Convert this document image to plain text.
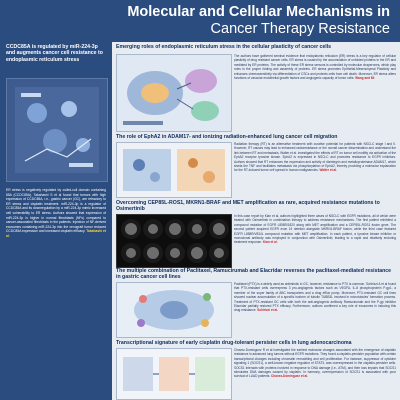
Molecular and Cellular Mechanisms in
Cancer Therapy Resistance
CCDC85A is regulated by miR-224-3p and augments cancer cell resistance to endoplasmic reticulum stress
ER stress is negatively regulated by coiled-coil domain containing 85A (CCDC85A). Takahashi S et al found that tumors with high expression of CCDC85A, i.e., gastric cancer (GC), are refractory to ER stress and cisplatin treatment. miR-224-3p is a regulator of CCDC85A and its downregulation by a miR-224-3p mimic increased cell vulnerability to ER stress. Authors showed that expression of miR-224-3p is higher in normal fibroblasts (NFs) compared to cancer-associated fibroblasts in the patients. Injection of NF-derived exosomes containing miR-224-3p into the xenograft tumor reduced CCDC85A expression and increased cisplatin efficacy. Takahashi et al.
Emerging roles of endoplasmic reticulum stress in the cellular plasticity of cancer cells
The authors have gathered seminal evidence that endoplasmic reticulum (ER) stress is a key regulator of cellular plasticity of drug resistant cancer cells. ER stress is caused by the accumulation of unfolded proteins in the ER and mediated by ER proteins. The activity of these ER stress sensors is controlled by molecular chaperones, which play roles in the proper folding and assembly of proteins. ER stress promotes Epithelial-Mesenchymal Plasticity and enhances chemosensitivity via differentiation of CSCs and protects cells from cell death. Moreover, ER stress alters functions of vascular endothelial growth factors and angiogenic capacity of tumor cells. Wang and Mi
The role of EphA2 in ADAM17- and ionizing radiation-enhanced lung cancer cell migration
Radiation therapy (RT) is an alternative treatment with curative potential for patients with NSCLC stage I and II. However, RT causes may lead to enhanced radioresistance or the overall cancer dissemination and understand the link between RT and metastasis, Walter et al. investigated the effects of RT on tumor cell motility via activation of the EphA2 receptor tyrosine kinase. EphA2 is expressed in NSCLC and promotes resistance to EGFR inhibitors. Authors showed that RT enhances the expression and activity of disintegrin and metalloproteinase ADAM17, which sheds the TNF and facilitates metastasis via phosphorylation of EphA2, thereby providing a molecular explanation for the RT-induced tumor cell spread in human malignancies. Walter et al.
Overcoming CEP85L-ROS1, MKRN1-BRAF and MET amplification as rare, acquired resistance mutations to Osimertinib
In this case report by Kian et al, authors highlighted three cases of NSCLC with EGFR mutations, all of which were treated with Osimertinib in combination therapy to address resistance mechanisms. The first patient exhibited a compound mutation of EGFR L858R/1820 along with MET amplification and a CEP85L-ROS1 fusion gene. The second patient acquired EGFR exon 19 deletion alongside MKRN1-BRAF fusion, while the third case featured EGFR L858R/V834L compound mutation with MET amplification. In each patient, a tyrosine kinase inhibitor or monoclonal antibody was employed in conjunction with Osimertinib, leading to a rapid and relatively enduring treatment response. Kian et al.
The multiple combination of Paclitaxel, Ramucirumab and Elacridar reverses the paclitaxel-mediated resistance in gastric cancer cell lines
Paclitaxel (PTX) is a widely used as antimitotic in GC, however, resistance to PTX is common. Schirizzi A et al found that PTX-resistant cells overexpress 3 pro-angiogenic factors such as VEGFA, IL-8 phosphoprotein P-gp1, a member of the super family of ABC transporters and a drug efflux pump. Moreover, PTX-resistant GC cell lines showed nuclear accumulation of a specific isoform of tubulin TUBB3L involved in microtubules' formation process. Treatment of PTX-resistant GC cells with both the anti-angiogenic antibody Ramucirumab and the P-gp inhibitor Elacridar partially restored PTX efficacy. Furthermore, authors confirmed a key role of exosomes in inducing this drug resistance. Schirizzi et al.
Transcriptional signature of early cisplatin drug-tolerant persister cells in lung adenocarcinoma
Chavez-Dominguez R et al investigated the earliest molecular changes associated with the emergence of cisplatin resistance in advanced lung tumors without EGFR mutations. They found a cisplatin-persister population with certain transcriptional changes including chromatin remodeling and cell proliferation. For instance, suppressor of cytokine signaling 1 (SOCS1), a well-known negative regulator of STAT3, was overexpressed in the cisplatin-persister cells. SOCS1 interacts with proteins involved in response to DNA damage (i.e., ATM), and their loss impairs that SOCS1 stimulates DNA damages caused by cisplatin. In harmony, overexpression of SOCS1 is associated with poor survival of LUAD patients. Chavez-Dominguez et al.
